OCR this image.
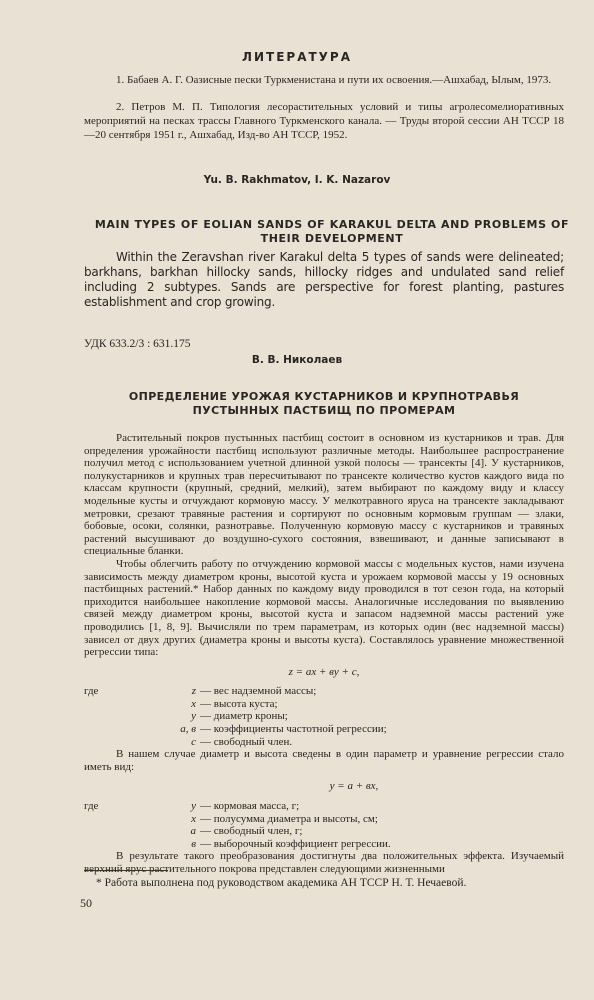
ЛИТЕРАТУРА
1. Бабаев А. Г. Оазисные пески Туркменистана и пути их освоения.—Ашхабад, Ылым, 1973.
2. Петров М. П. Типология лесорастительных условий и типы агролесомелиоративных мероприятий на песках трассы Главного Туркменского канала. — Труды второй сессии АН ТССР 18—20 сентября 1951 г., Ашхабад, Изд-во АН ТССР, 1952.
Yu. B. Rakhmatov, I. K. Nazarov
MAIN TYPES OF EOLIAN SANDS OF KARAKUL DELTA AND PROBLEMS OF THEIR DEVELOPMENT
Within the Zeravshan river Karakul delta 5 types of sands were delineated; barkhans, barkhan hillocky sands, hillocky ridges and undulated sand relief including 2 subtypes. Sands are perspective for forest planting, pastures establishment and crop growing.
УДК 633.2/3 : 631.175
В. В. Николаев
ОПРЕДЕЛЕНИЕ УРОЖАЯ КУСТАРНИКОВ И КРУПНОТРАВЬЯ ПУСТЫННЫХ ПАСТБИЩ ПО ПРОМЕРАМ

Растительный покров пустынных пастбищ состоит в основном из кустарников и трав. Для определения урожайности пастбищ используют различные методы. Наибольшее распространение получил метод с использованием учетной длинной узкой полосы — трансекты [4]. У кустарников, полукустарников и крупных трав пересчитывают по трансекте количество кустов каждого вида по классам крупности (крупный, средний, мелкий), затем выбирают по каждому виду и классу модельные кусты и отчуждают кормовую массу. У мелкотравного яруса на трансекте закладывают метровки, срезают травяные растения и сортируют по основным кормовым группам — злаки, бобовые, осоки, солянки, разнотравье. Полученную кормовую массу с кустарников и травяных растений высушивают до воздушно-сухого состояния, взвешивают, и данные записывают в специальные бланки.

Чтобы облегчить работу по отчуждению кормовой массы с модельных кустов, нами изучена зависимость между диаметром кроны, высотой куста и урожаем кормовой массы у 19 основных пастбищных растений.* Набор данных по каждому виду проводился в тот сезон года, на который приходится наибольшее накопление кормовой массы. Аналогичные исследования по выявлению связей между диаметром кроны, высотой куста и запасом надземной массы растений уже проводились [1, 8, 9]. Вычисляли по трем параметрам, из которых один (вес надземной массы) зависел от двух других (диаметра кроны и высоты куста). Составлялось уравнение множественной регрессии типа:

z = ax + вy + c,
где	z — вес надземной массы;
x — высота куста;
y — диаметр кроны;
a, в — коэффициенты частотной регрессии;
c — свободный член.

В нашем случае диаметр и высота сведены в один параметр и уравнение регрессии стало иметь вид:

y = a + вx,
где	y — кормовая масса, г;
x — полусумма диаметра и высоты, см;
a — свободный член, г;
в — выборочный коэффициент регрессии.

В результате такого преобразования достигнуты два положительных эффекта. Изучаемый верхний ярус растительного покрова представлен следующими жизненными

* Работа выполнена под руководством академика АН ТССР Н. Т. Нечаевой.
50
